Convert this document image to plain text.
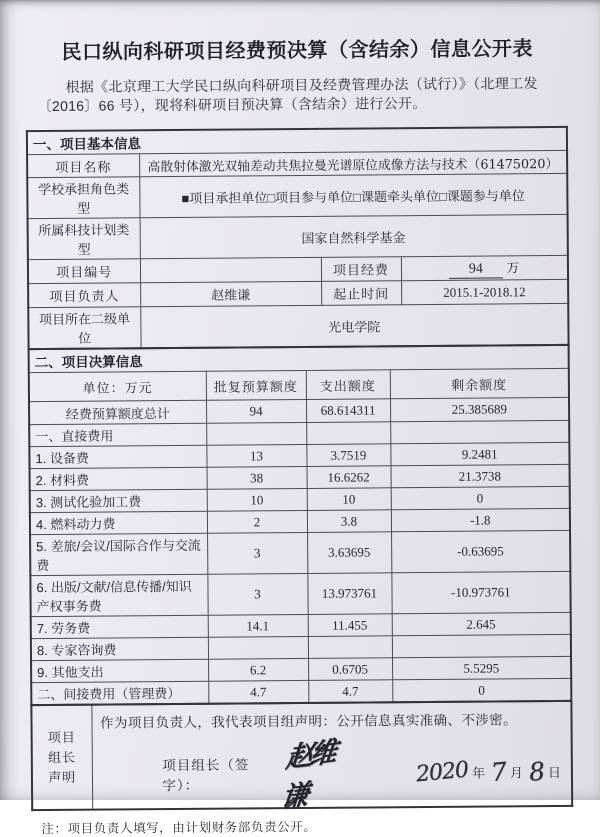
民口纵向科研项目经费预决算（含结余）信息公开表
根据《北京理工大学民口纵向科研项目及经费管理办法（试行）》（北理工发
〔2016〕66 号），现将科研项目预决算（含结余）进行公开。
一、项目基本信息			
项目名称	高散射体激光双轴差动共焦拉曼光谱原位成像方法与技术（61475020）		
学校承担角色类型	■项目承担单位□项目参与单位□课题牵头单位□课题参与单位		
所属科技计划类型	国家自然科学基金		
项目编号		项目经费	94 万
项目负责人	赵维谦	起止时间	2015.1-2018.12
项目所在二级单位	光电学院		
二、项目决算信息			
单位：万元	批复预算额度	支出额度	剩余额度
经费预算额度总计	94	68.614311	25.385689
一、直接费用			
1. 设备费	13	3.7519	9.2481
2. 材料费	38	16.6262	21.3738
3. 测试化验加工费	10	10	0
4. 燃料动力费	2	3.8	-1.8
5. 差旅/会议/国际合作与交流费	3	3.63695	-0.63695
6. 出版/文献/信息传播/知识产权事务费	3	13.973761	-10.973761
7. 劳务费	14.1	11.455	2.645
8. 专家咨询费			
9. 其他支出	6.2	0.6705	5.5295
二、间接费用（管理费）	4.7	4.7	0
项目
组长
声明	
作为项目负责人，我代表项目组声明：公开信息真实准确、不涉密。
项目组长（签字）：
赵维谦
2020 年 7 月 8 日
注：项目负责人填写，由计划财务部负责公开。
